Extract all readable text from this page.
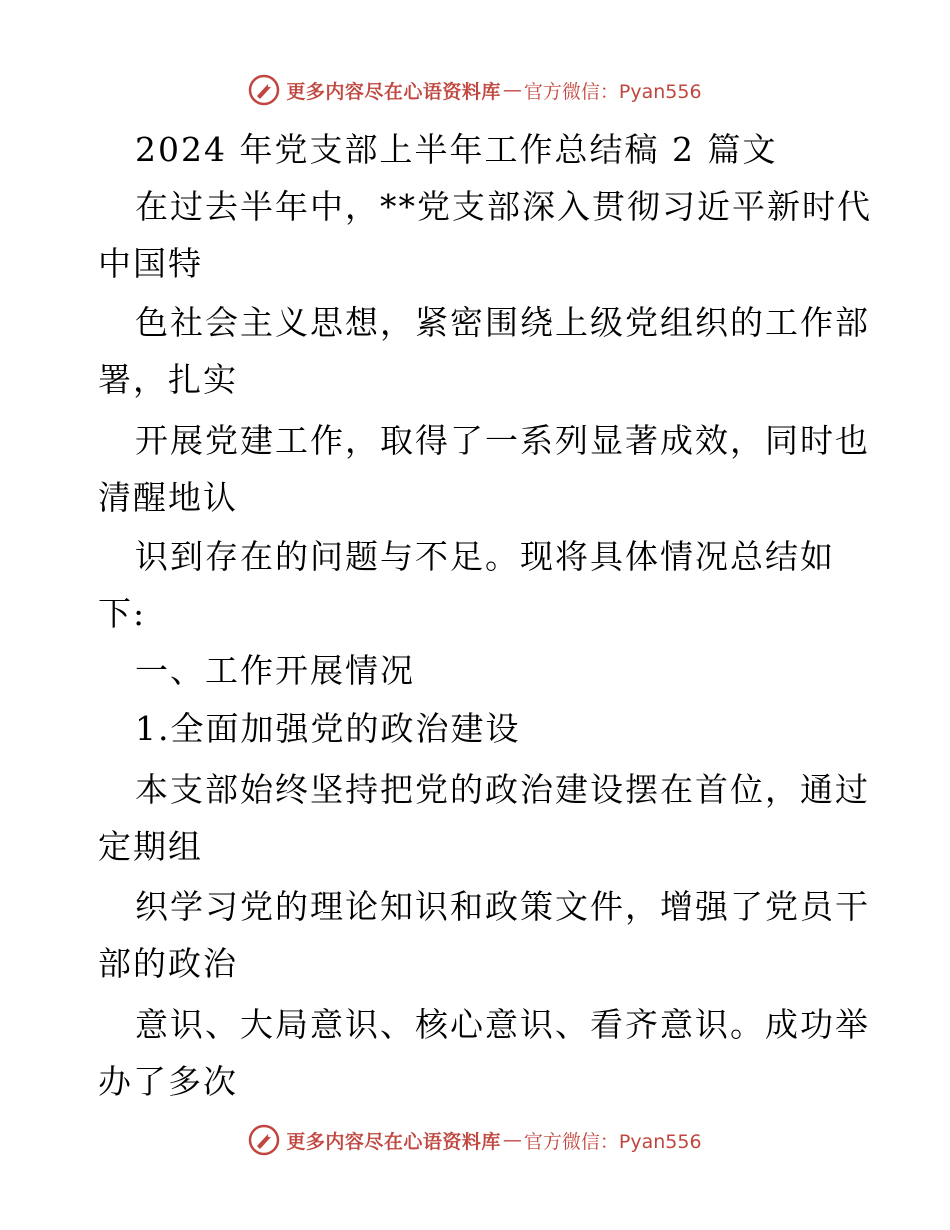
更多内容尽在心语资料库 — 官方微信：Pyan556
2024 年党支部上半年工作总结稿 2 篇文
在过去半年中，**党支部深入贯彻习近平新时代
中国特
色社会主义思想，紧密围绕上级党组织的工作部
署，扎实
开展党建工作，取得了一系列显著成效，同时也
清醒地认
识到存在的问题与不足。现将具体情况总结如
下:
一、工作开展情况
1.全面加强党的政治建设
本支部始终坚持把党的政治建设摆在首位，通过
定期组
织学习党的理论知识和政策文件，增强了党员干
部的政治
意识、大局意识、核心意识、看齐意识。成功举
办了多次
更多内容尽在心语资料库 — 官方微信：Pyan556
